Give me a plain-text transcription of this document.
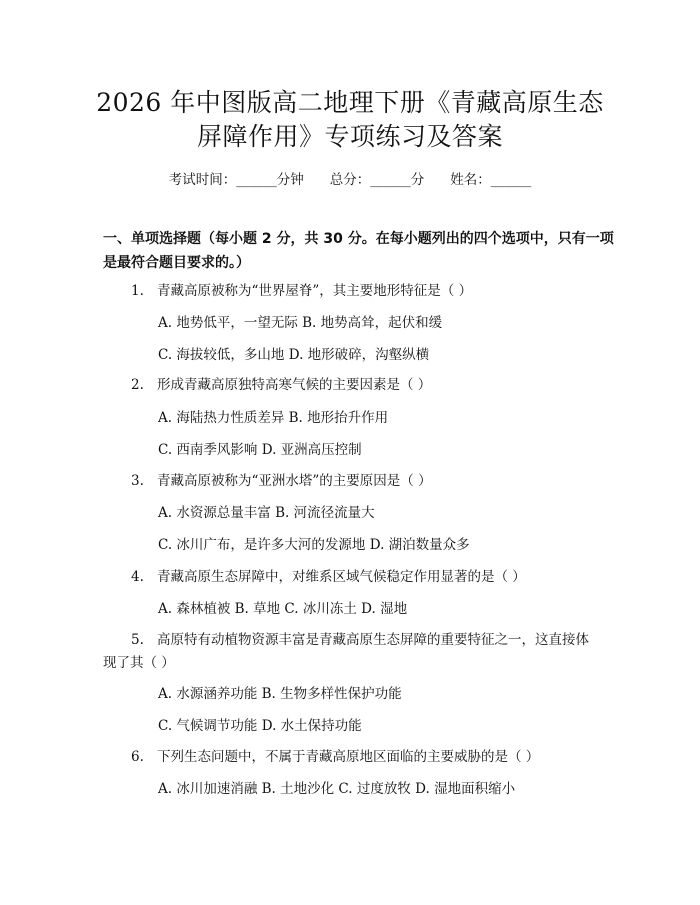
2026 年中图版高二地理下册《青藏高原生态
屏障作用》专项练习及答案
考试时间：______分钟 总分：______分 姓名：______
一、单项选择题（每小题 2 分，共 30 分。在每小题列出的四个选项中，只有一项
是最符合题目要求的。）
1. 青藏高原被称为“世界屋脊”，其主要地形特征是（ ）
A. 地势低平，一望无际 B. 地势高耸，起伏和缓
C. 海拔较低，多山地 D. 地形破碎，沟壑纵横
2. 形成青藏高原独特高寒气候的主要因素是（ ）
A. 海陆热力性质差异 B. 地形抬升作用
C. 西南季风影响 D. 亚洲高压控制
3. 青藏高原被称为“亚洲水塔”的主要原因是（ ）
A. 水资源总量丰富 B. 河流径流量大
C. 冰川广布，是许多大河的发源地 D. 湖泊数量众多
4. 青藏高原生态屏障中，对维系区域气候稳定作用显著的是（ ）
A. 森林植被 B. 草地 C. 冰川冻土 D. 湿地
5. 高原特有动植物资源丰富是青藏高原生态屏障的重要特征之一，这直接体
现了其（ ）
A. 水源涵养功能 B. 生物多样性保护功能
C. 气候调节功能 D. 水土保持功能
6. 下列生态问题中，不属于青藏高原地区面临的主要威胁的是（ ）
A. 冰川加速消融 B. 土地沙化 C. 过度放牧 D. 湿地面积缩小
